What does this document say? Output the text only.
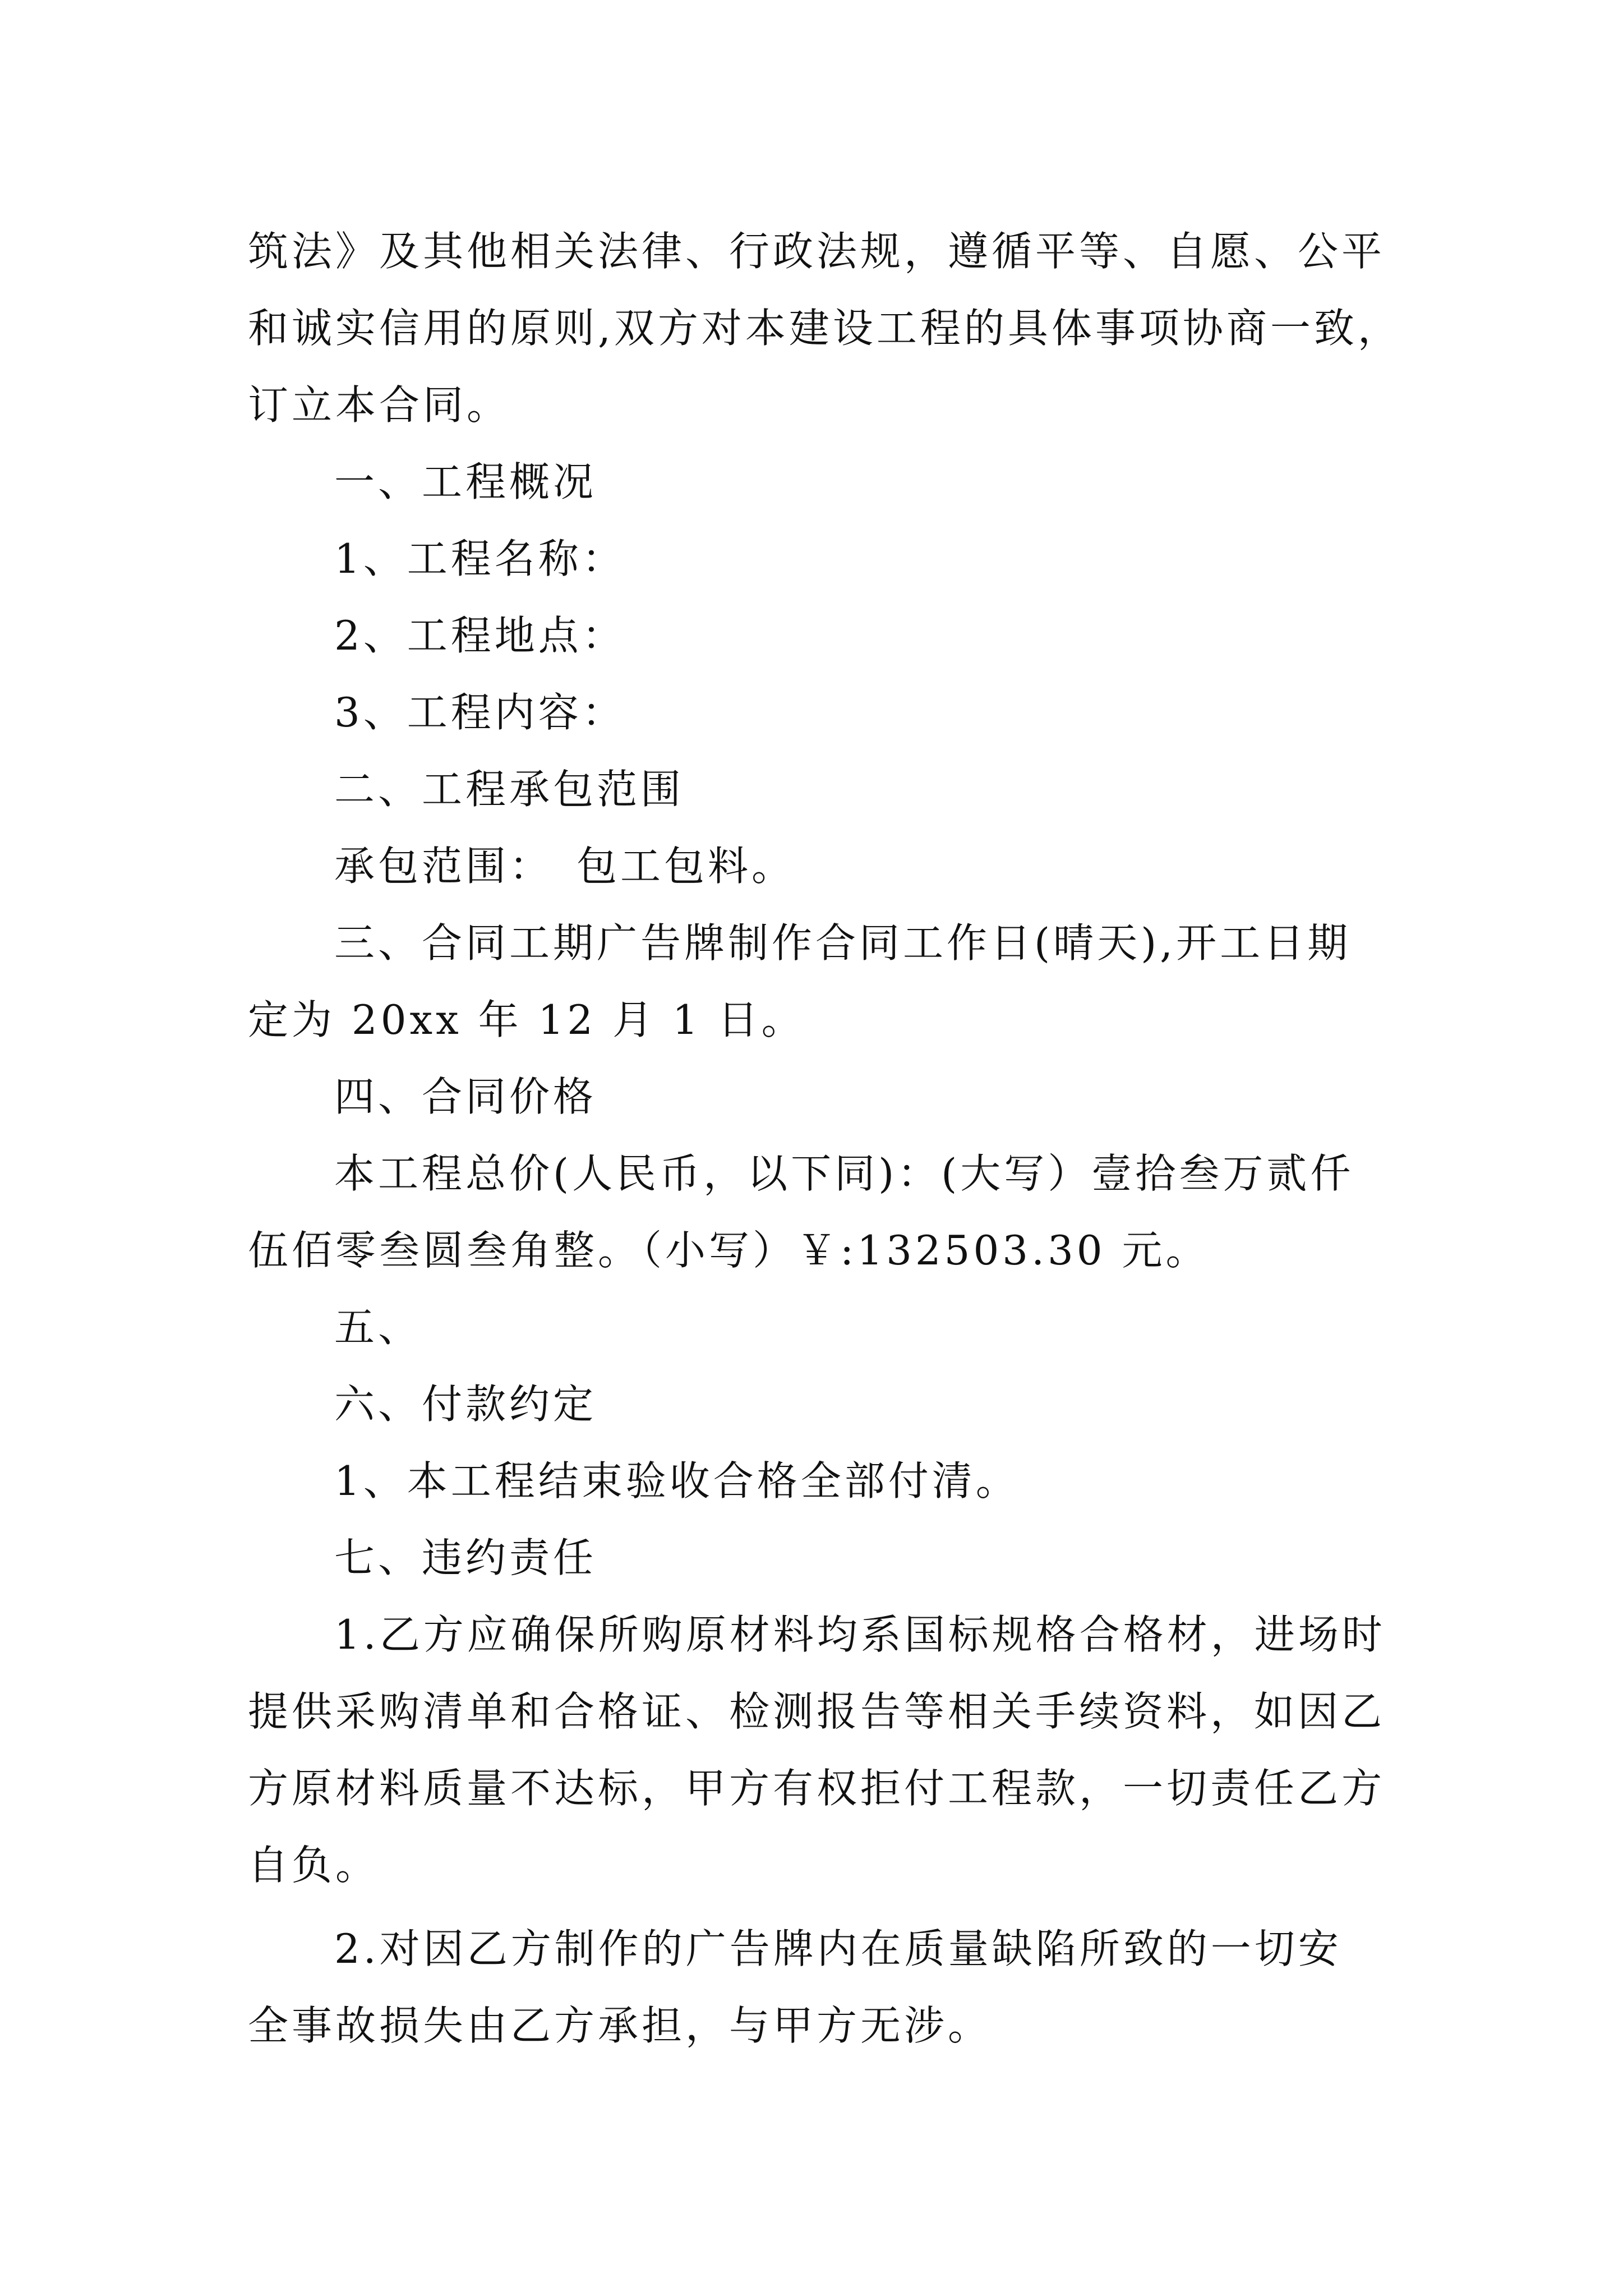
筑法》及其他相关法律、行政法规，遵循平等、自愿、公平
和诚实信用的原则,双方对本建设工程的具体事项协商一致，
订立本合同。
一、工程概况
1、工程名称：
2、工程地点：
3、工程内容：
二、工程承包范围
承包范围：　包工包料。
三、合同工期广告牌制作合同工作日(晴天),开工日期
定为 20xx 年 12 月 1 日。
四、合同价格
本工程总价(人民币，以下同)：(大写）壹拾叁万贰仟
伍佰零叁圆叁角整。（小写）￥:132503.30 元。
五、
六、付款约定
1、本工程结束验收合格全部付清。
七、违约责任
1.乙方应确保所购原材料均系国标规格合格材，进场时
提供采购清单和合格证、检测报告等相关手续资料，如因乙
方原材料质量不达标，甲方有权拒付工程款，一切责任乙方
自负。
2.对因乙方制作的广告牌内在质量缺陷所致的一切安
全事故损失由乙方承担，与甲方无涉。
